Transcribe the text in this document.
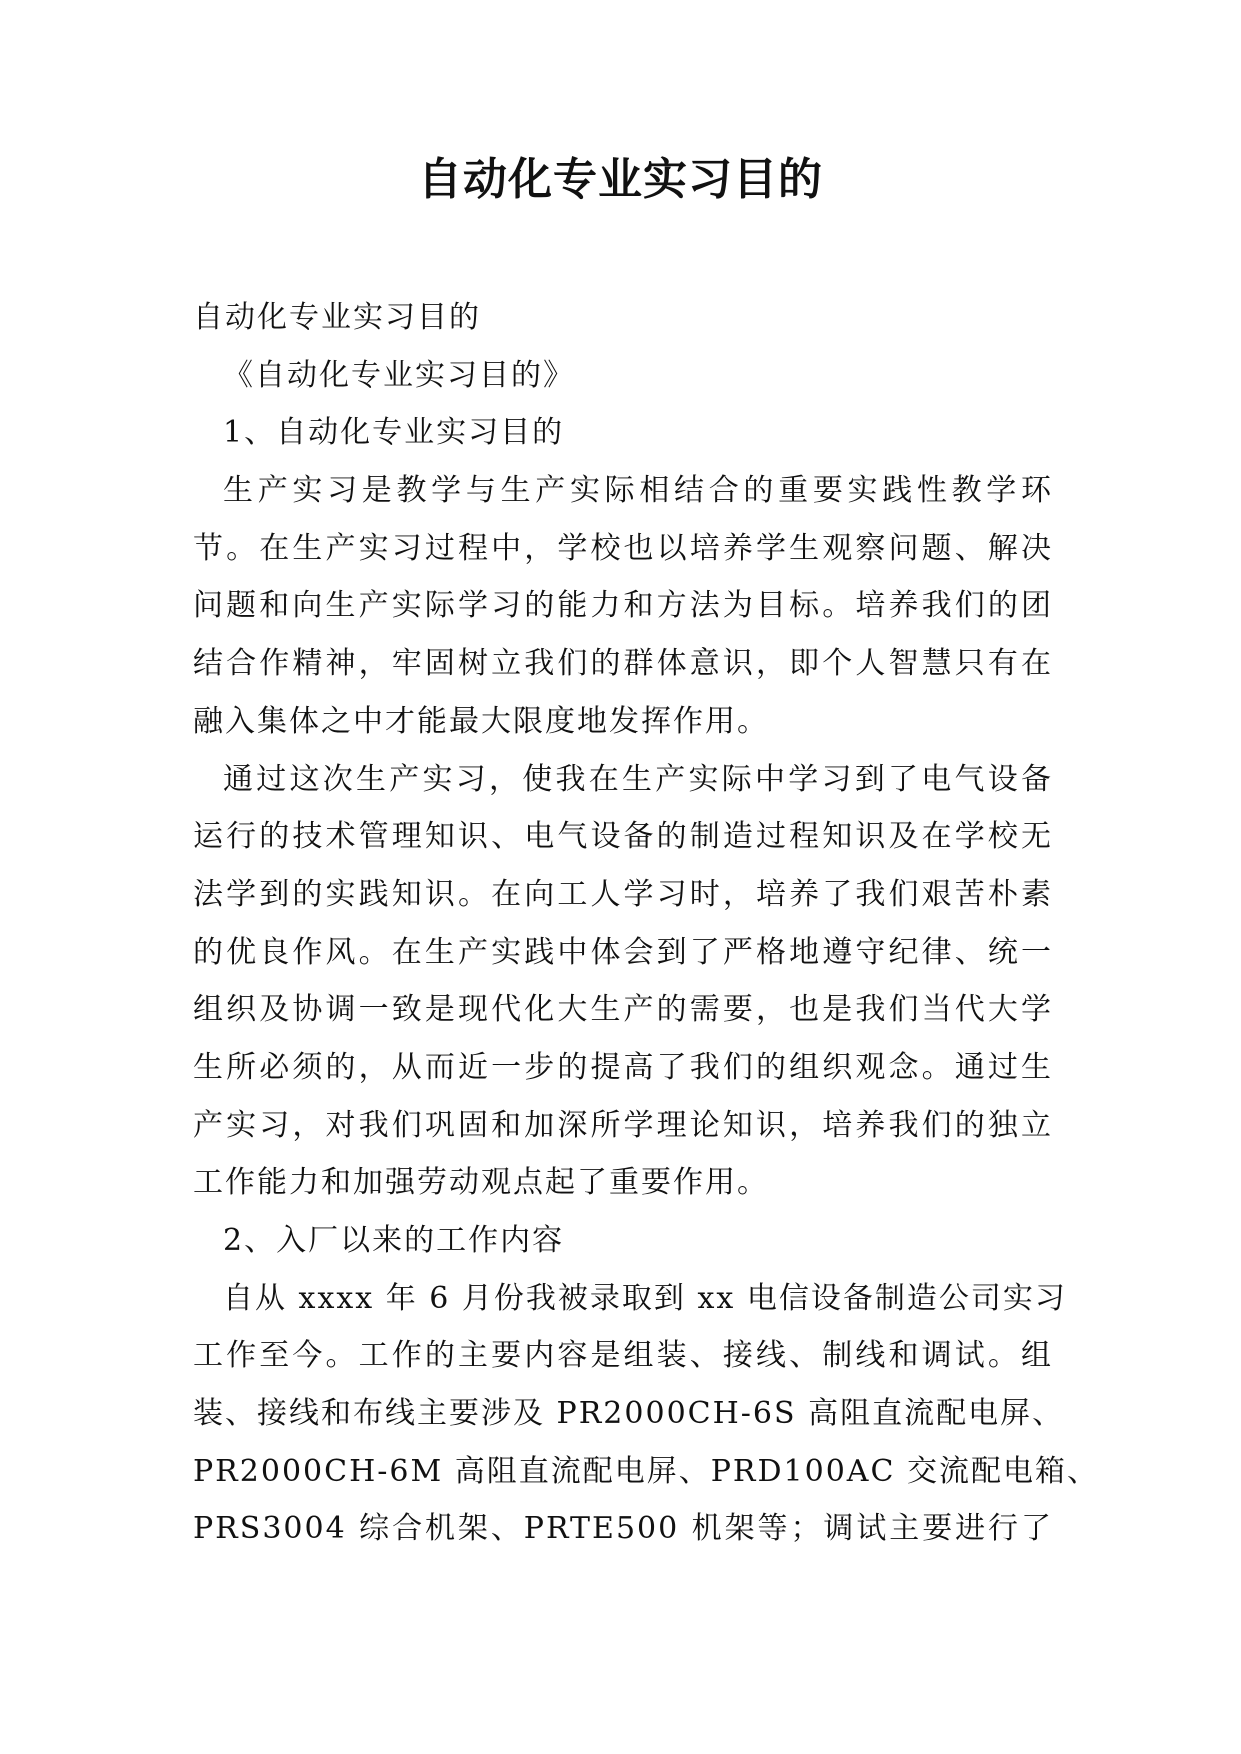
自动化专业实习目的
自动化专业实习目的
《自动化专业实习目的》
1、自动化专业实习目的
生产实习是教学与生产实际相结合的重要实践性教学环
节。在生产实习过程中，学校也以培养学生观察问题、解决
问题和向生产实际学习的能力和方法为目标。培养我们的团
结合作精神，牢固树立我们的群体意识，即个人智慧只有在
融入集体之中才能最大限度地发挥作用。
通过这次生产实习，使我在生产实际中学习到了电气设备
运行的技术管理知识、电气设备的制造过程知识及在学校无
法学到的实践知识。在向工人学习时，培养了我们艰苦朴素
的优良作风。在生产实践中体会到了严格地遵守纪律、统一
组织及协调一致是现代化大生产的需要，也是我们当代大学
生所必须的，从而近一步的提高了我们的组织观念。通过生
产实习，对我们巩固和加深所学理论知识，培养我们的独立
工作能力和加强劳动观点起了重要作用。
2、入厂以来的工作内容
自从 xxxx 年 6 月份我被录取到 xx 电信设备制造公司实习
工作至今。工作的主要内容是组装、接线、制线和调试。组
装、接线和布线主要涉及 PR2000CH-6S 高阻直流配电屏、
PR2000CH-6M 高阻直流配电屏、PRD100AC 交流配电箱、
PRS3004 综合机架、PRTE500 机架等；调试主要进行了
